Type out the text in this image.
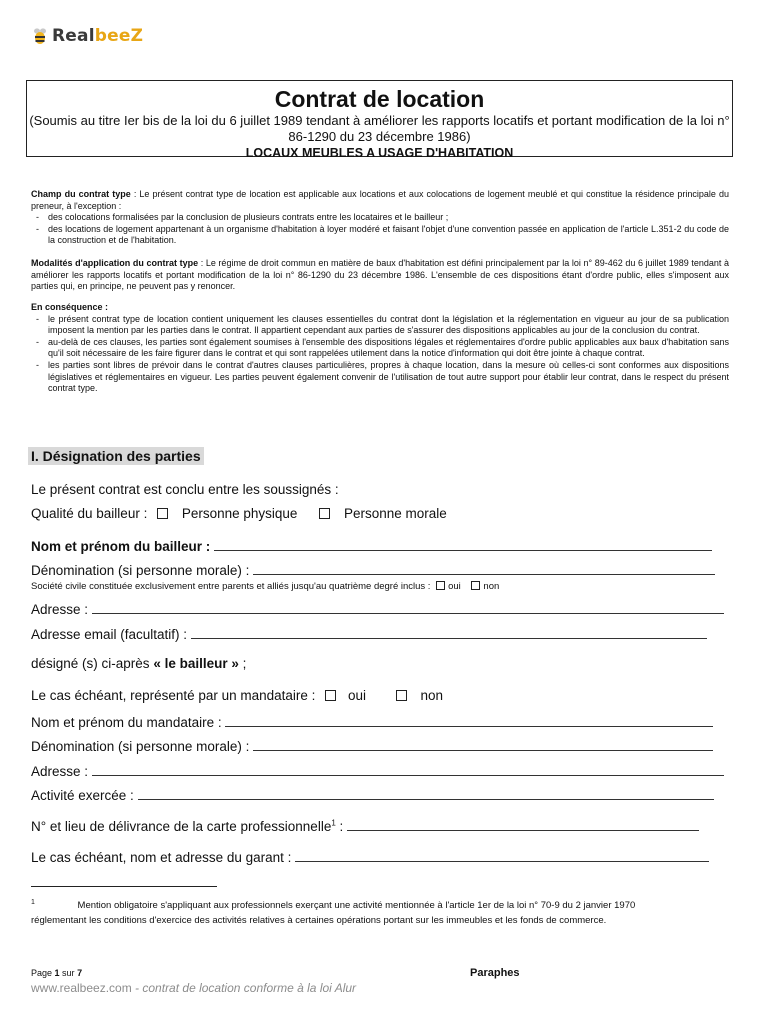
RealbeeZ
Contrat de location
(Soumis au titre Ier bis de la loi du 6 juillet 1989 tendant à améliorer les rapports locatifs et portant modification de la loi n° 86-1290 du 23 décembre 1986)
LOCAUX MEUBLES A USAGE D'HABITATION
Champ du contrat type : Le présent contrat type de location est applicable aux locations et aux colocations de logement meublé et qui constitue la résidence principale du preneur, à l'exception :
- des colocations formalisées par la conclusion de plusieurs contrats entre les locataires et le bailleur ;
- des locations de logement appartenant à un organisme d'habitation à loyer modéré et faisant l'objet d'une convention passée en application de l'article L.351-2 du code de la construction et de l'habitation.
Modalités d'application du contrat type : Le régime de droit commun en matière de baux d'habitation est défini principalement par la loi n° 89-462 du 6 juillet 1989 tendant à améliorer les rapports locatifs et portant modification de la loi n° 86-1290 du 23 décembre 1986. L'ensemble de ces dispositions étant d'ordre public, elles s'imposent aux parties qui, en principe, ne peuvent pas y renoncer.
En conséquence :
- le présent contrat type de location contient uniquement les clauses essentielles du contrat dont la législation et la réglementation en vigueur au jour de sa publication imposent la mention par les parties dans le contrat. Il appartient cependant aux parties de s'assurer des dispositions applicables au jour de la conclusion du contrat.
- au-delà de ces clauses, les parties sont également soumises à l'ensemble des dispositions légales et réglementaires d'ordre public applicables aux baux d'habitation sans qu'il soit nécessaire de les faire figurer dans le contrat et qui sont rappelées utilement dans la notice d'information qui doit être jointe à chaque contrat.
- les parties sont libres de prévoir dans le contrat d'autres clauses particulières, propres à chaque location, dans la mesure où celles-ci sont conformes aux dispositions législatives et réglementaires en vigueur. Les parties peuvent également convenir de l'utilisation de tout autre support pour établir leur contrat, dans le respect du présent contrat type.
I. Désignation des parties
Le présent contrat est conclu entre les soussignés :
Qualité du bailleur :	Personne physique	Personne morale
Nom et prénom du bailleur :
Dénomination (si personne morale) :
Société civile constituée exclusivement entre parents et alliés jusqu'au quatrième degré inclus : oui non
Adresse :
Adresse email (facultatif) :
désigné (s) ci-après « le bailleur » ;
Le cas échéant, représenté par un mandataire : oui	non
Nom et prénom du mandataire :
Dénomination (si personne morale) :
Adresse :
Activité exercée :
N° et lieu de délivrance de la carte professionnelle$^1$ :
Le cas échéant, nom et adresse du garant :
$^1$	Mention obligatoire s'appliquant aux professionnels exerçant une activité mentionnée à l'article 1er de la loi n° 70-9 du 2 janvier 1970 réglementant les conditions d'exercice des activités relatives à certaines opérations portant sur les immeubles et les fonds de commerce.
Page 1 sur 7	Paraphes
www.realbeez.com - contrat de location conforme à la loi Alur
